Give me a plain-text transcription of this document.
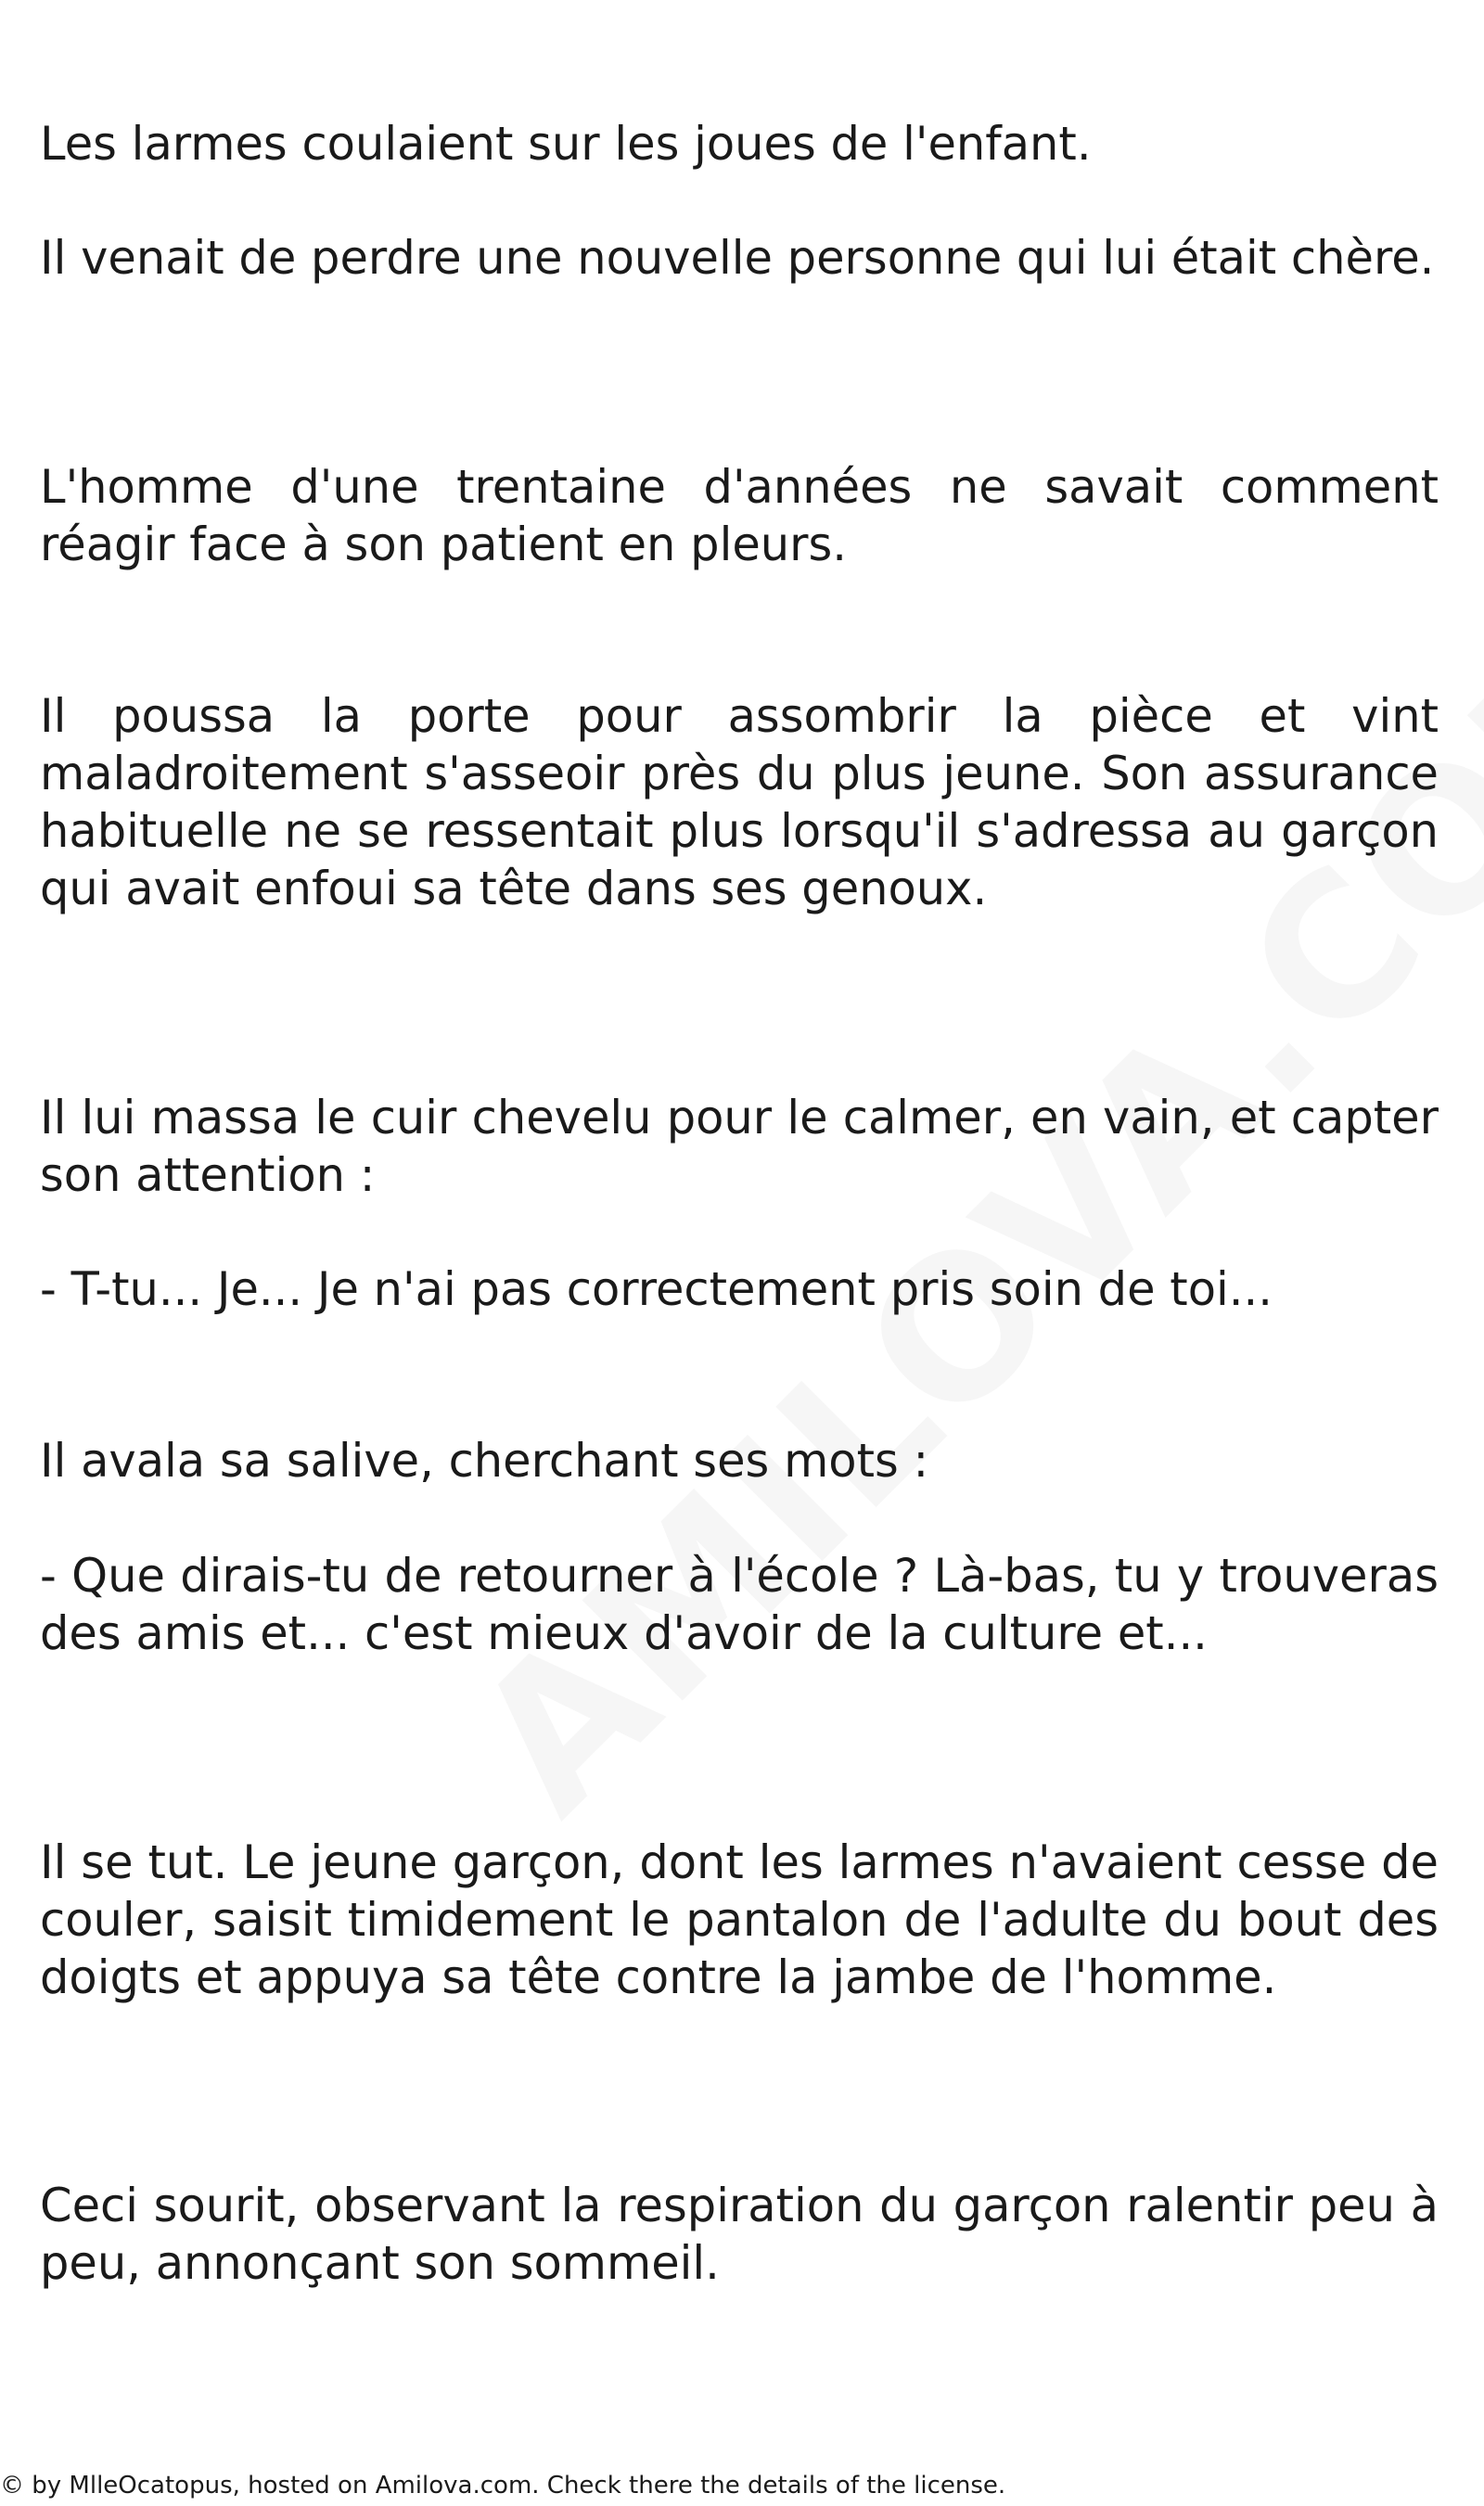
Les larmes coulaient sur les joues de l'enfant.

Il venait de perdre une nouvelle personne qui lui était chère.

L'homme d'une trentaine d'années ne savait comment réagir face à son patient en pleurs.

Il poussa la porte pour assombrir la pièce et vint maladroitement s'asseoir près du plus jeune. Son assurance habituelle ne se ressentait plus lorsqu'il s'adressa au garçon qui avait enfoui sa tête dans ses genoux.

Il lui massa le cuir chevelu pour le calmer, en vain, et capter son attention :

- T-tu... Je... Je n'ai pas correctement pris soin de toi...

Il avala sa salive, cherchant ses mots :

- Que dirais-tu de retourner à l'école ? Là-bas, tu y trouveras des amis et... c'est mieux d'avoir de la culture et...

Il se tut. Le jeune garçon, dont les larmes n'avaient cesse de couler, saisit timidement le pantalon de l'adulte du bout des doigts et appuya sa tête contre la jambe de l'homme.

Ceci sourit, observant la respiration du garçon ralentir peu à peu, annonçant son sommeil.

© by MlleOcatopus, hosted on Amilova.com. Check there the details of the license.
